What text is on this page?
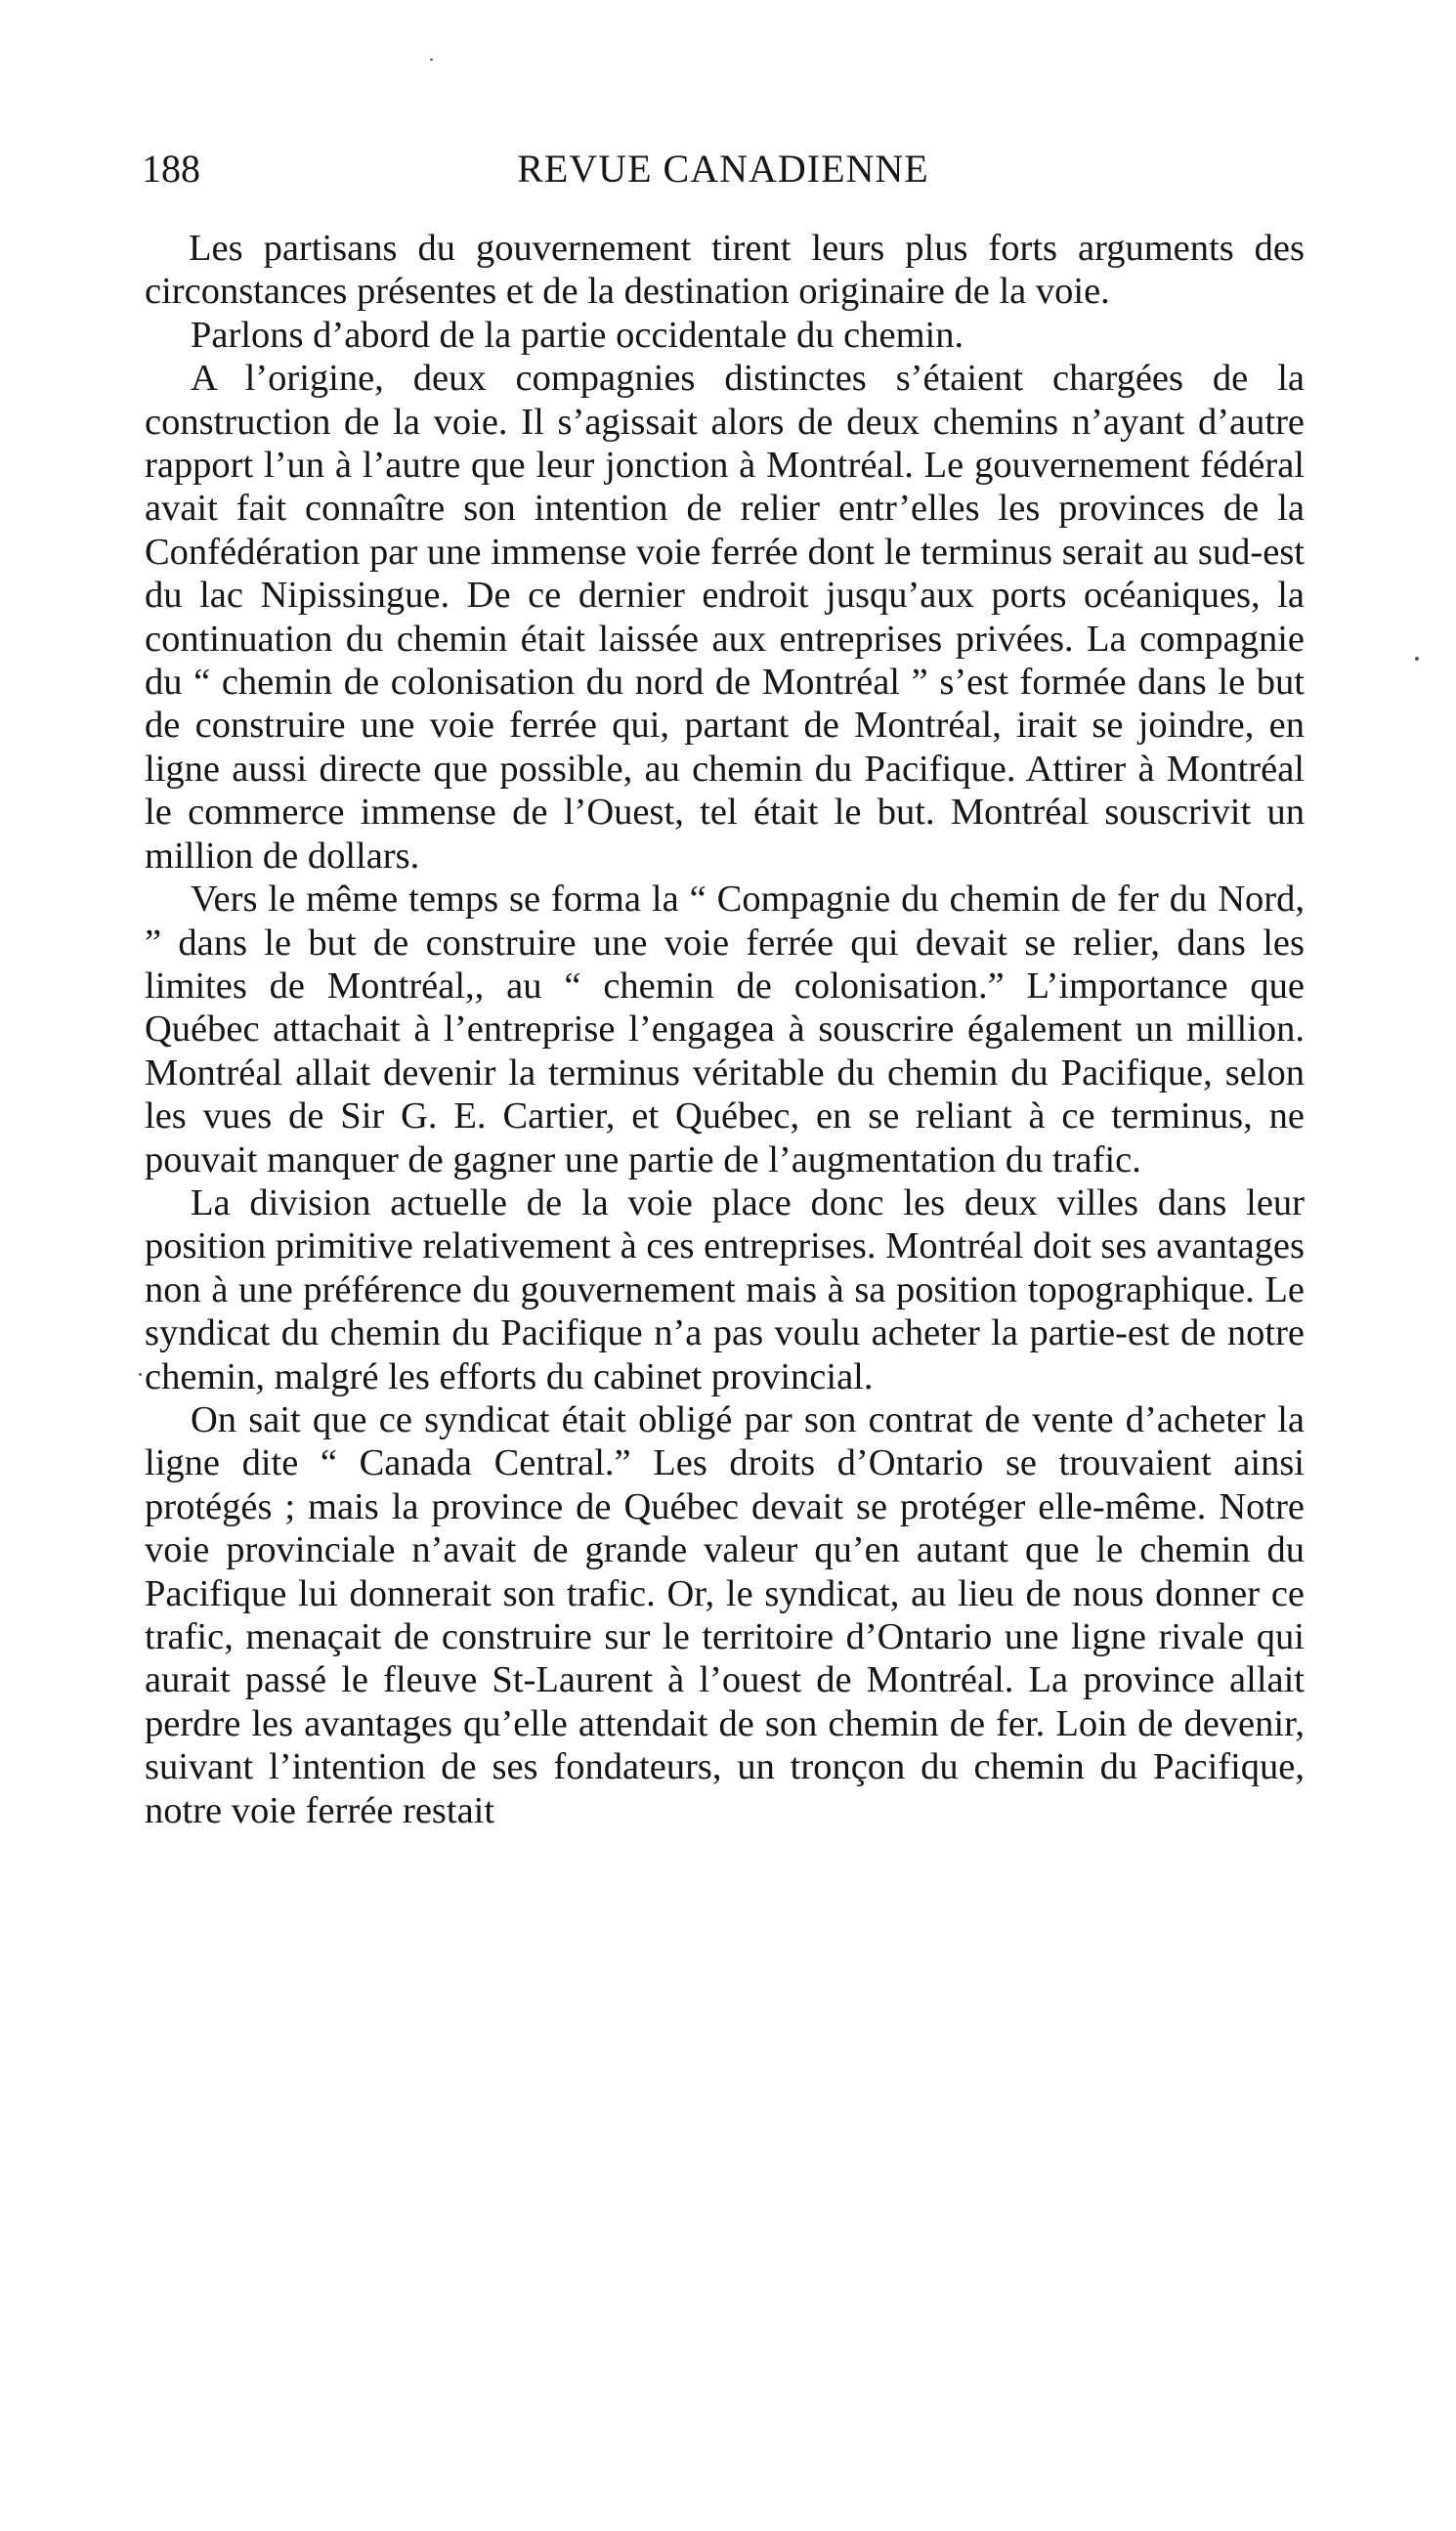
188	REVUE CANADIENNE

Les partisans du gouvernement tirent leurs plus forts arguments des circonstances présentes et de la destination originaire de la voie.

Parlons d’abord de la partie occidentale du chemin.

A l’origine, deux compagnies distinctes s’étaient chargées de la construction de la voie. Il s’agissait alors de deux chemins n’ayant d’autre rapport l’un à l’autre que leur jonction à Montréal. Le gouvernement fédéral avait fait connaître son intention de relier entr’elles les provinces de la Confédération par une immense voie ferrée dont le terminus serait au sud-est du lac Nipissingue. De ce dernier endroit jusqu’aux ports océaniques, la continuation du chemin était laissée aux entreprises privées. La compagnie du “ chemin de colonisation du nord de Montréal ” s’est formée dans le but de construire une voie ferrée qui, partant de Montréal, irait se joindre, en ligne aussi directe que possible, au chemin du Pacifique. Attirer à Montréal le commerce immense de l’Ouest, tel était le but. Montréal souscrivit un million de dollars.

Vers le même temps se forma la “ Compagnie du chemin de fer du Nord, ” dans le but de construire une voie ferrée qui devait se relier, dans les limites de Montréal,, au “ chemin de colonisation.” L’importance que Québec attachait à l’entreprise l’engagea à souscrire également un million. Montréal allait devenir la terminus véritable du chemin du Pacifique, selon les vues de Sir G. E. Cartier, et Québec, en se reliant à ce terminus, ne pouvait manquer de gagner une partie de l’augmentation du trafic.

La division actuelle de la voie place donc les deux villes dans leur position primitive relativement à ces entreprises. Montréal doit ses avantages non à une préférence du gouvernement mais à sa position topographique. Le syndicat du chemin du Pacifique n’a pas voulu acheter la partie-est de notre chemin, malgré les efforts du cabinet provincial.

On sait que ce syndicat était obligé par son contrat de vente d’acheter la ligne dite “ Canada Central.” Les droits d’Ontario se trouvaient ainsi protégés ; mais la province de Québec devait se protéger elle-même. Notre voie provinciale n’avait de grande valeur qu’en autant que le chemin du Pacifique lui donnerait son trafic. Or, le syndicat, au lieu de nous donner ce trafic, menaçait de construire sur le territoire d’Ontario une ligne rivale qui aurait passé le fleuve St-Laurent à l’ouest de Montréal. La province allait perdre les avantages qu’elle attendait de son chemin de fer. Loin de devenir, suivant l’intention de ses fondateurs, un tronçon du chemin du Pacifique, notre voie ferrée restait
